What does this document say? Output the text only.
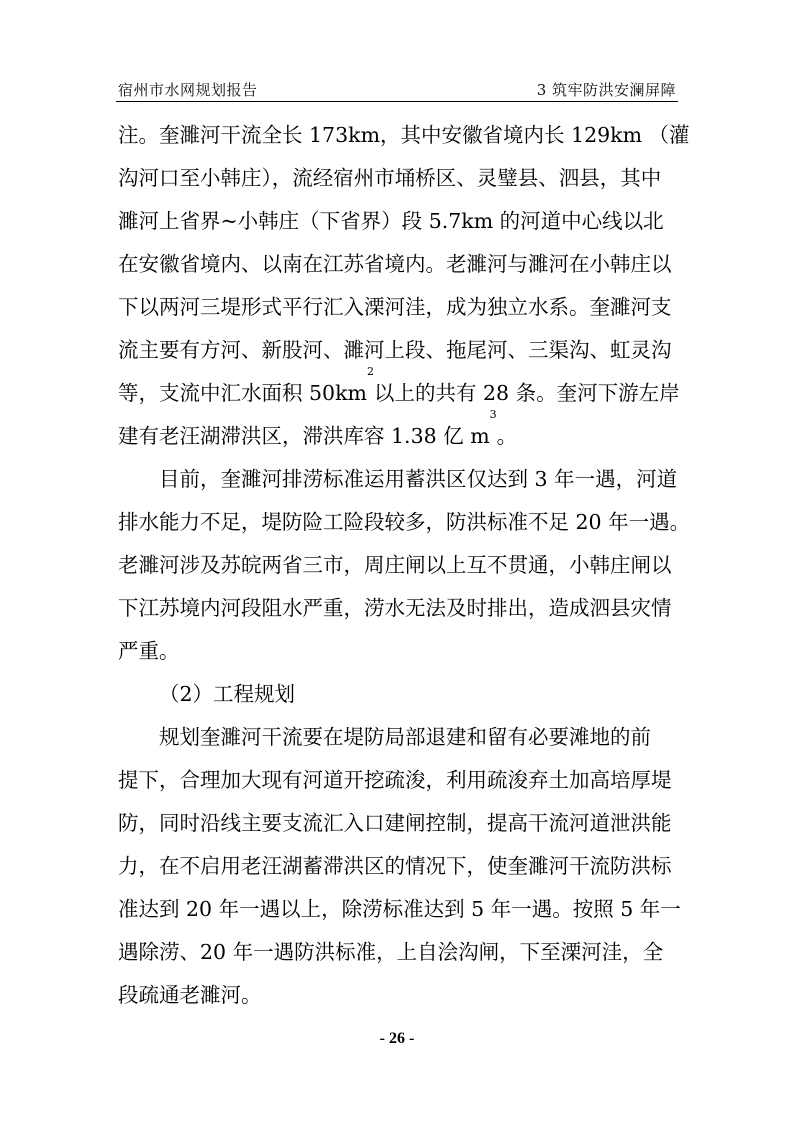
宿州市水网规划报告	3 筑牢防洪安澜屏障
注。奎濉河干流全长 173km，其中安徽省境内长 129km （灌
沟河口至小韩庄），流经宿州市埇桥区、灵璧县、泗县，其中
濉河上省界~小韩庄（下省界）段 5.7km 的河道中心线以北
在安徽省境内、以南在江苏省境内。老濉河与濉河在小韩庄以
下以两河三堤形式平行汇入溧河洼，成为独立水系。奎濉河支
流主要有方河、新股河、濉河上段、拖尾河、三渠沟、虹灵沟
等，支流中汇水面积 50km
2
以上的共有 28 条。奎河下游左岸
建有老汪湖滞洪区，滞洪库容 1.38 亿 m
3
。
目前，奎濉河排涝标准运用蓄洪区仅达到 3 年一遇，河道
排水能力不足，堤防险工险段较多，防洪标准不足 20 年一遇。
老濉河涉及苏皖两省三市，周庄闸以上互不贯通，小韩庄闸以
下江苏境内河段阻水严重，涝水无法及时排出，造成泗县灾情
严重。
（2）工程规划
规划奎濉河干流要在堤防局部退建和留有必要滩地的前
提下，合理加大现有河道开挖疏浚，利用疏浚弃土加高培厚堤
防，同时沿线主要支流汇入口建闸控制，提高干流河道泄洪能
力，在不启用老汪湖蓄滞洪区的情况下，使奎濉河干流防洪标
准达到 20 年一遇以上，除涝标准达到 5 年一遇。按照 5 年一
遇除涝、20 年一遇防洪标准，上自浍沟闸，下至溧河洼，全
段疏通老濉河。
- 26 -
